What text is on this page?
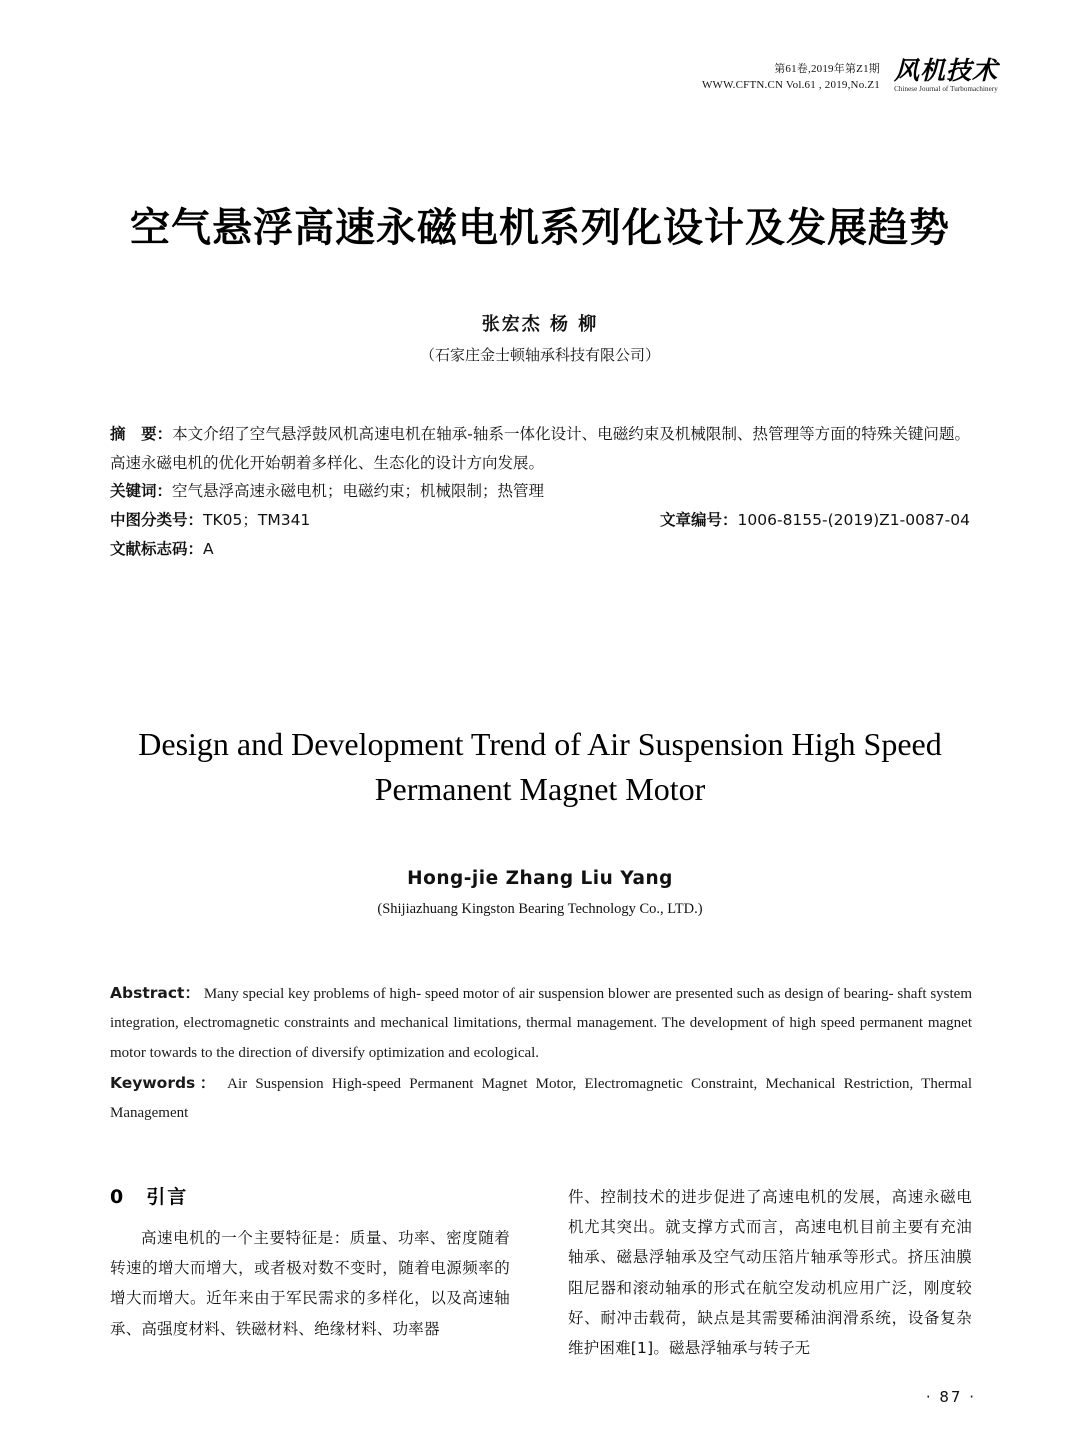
第61卷,2019年第Z1期
WWW.CFTN.CN Vol.61 , 2019,No.Z1
风机技术
Chinese Journal of Turbomachinery
空气悬浮高速永磁电机系列化设计及发展趋势
张宏杰 杨 柳
（石家庄金士顿轴承科技有限公司）

摘　要：本文介绍了空气悬浮鼓风机高速电机在轴承-轴系一体化设计、电磁约束及机械限制、热管理等方面的特殊关键问题。高速永磁电机的优化开始朝着多样化、生态化的设计方向发展。

关键词：空气悬浮高速永磁电机；电磁约束；机械限制；热管理

中图分类号：TK05；TM341	文章编号：1006-8155-(2019)Z1-0087-04

文献标志码：A

Design and Development Trend of Air Suspension High Speed Permanent Magnet Motor
Hong-jie Zhang Liu Yang
(Shijiazhuang Kingston Bearing Technology Co., LTD.)

Abstract： Many special key problems of high- speed motor of air suspension blower are presented such as design of bearing- shaft system integration, electromagnetic constraints and mechanical limitations, thermal management. The development of high speed permanent magnet motor towards to the direction of diversify optimization and ecological.

Keywords： Air Suspension High-speed Permanent Magnet Motor, Electromagnetic Constraint, Mechanical Restriction, Thermal Management

0　引言

高速电机的一个主要特征是：质量、功率、密度随着转速的增大而增大，或者极对数不变时，随着电源频率的增大而增大。近年来由于军民需求的多样化，以及高速轴承、高强度材料、铁磁材料、绝缘材料、功率器

件、控制技术的进步促进了高速电机的发展，高速永磁电机尤其突出。就支撑方式而言，高速电机目前主要有充油轴承、磁悬浮轴承及空气动压箔片轴承等形式。挤压油膜阻尼器和滚动轴承的形式在航空发动机应用广泛，刚度较好、耐冲击载荷，缺点是其需要稀油润滑系统，设备复杂维护困难[1]。磁悬浮轴承与转子无

· 87 ·
